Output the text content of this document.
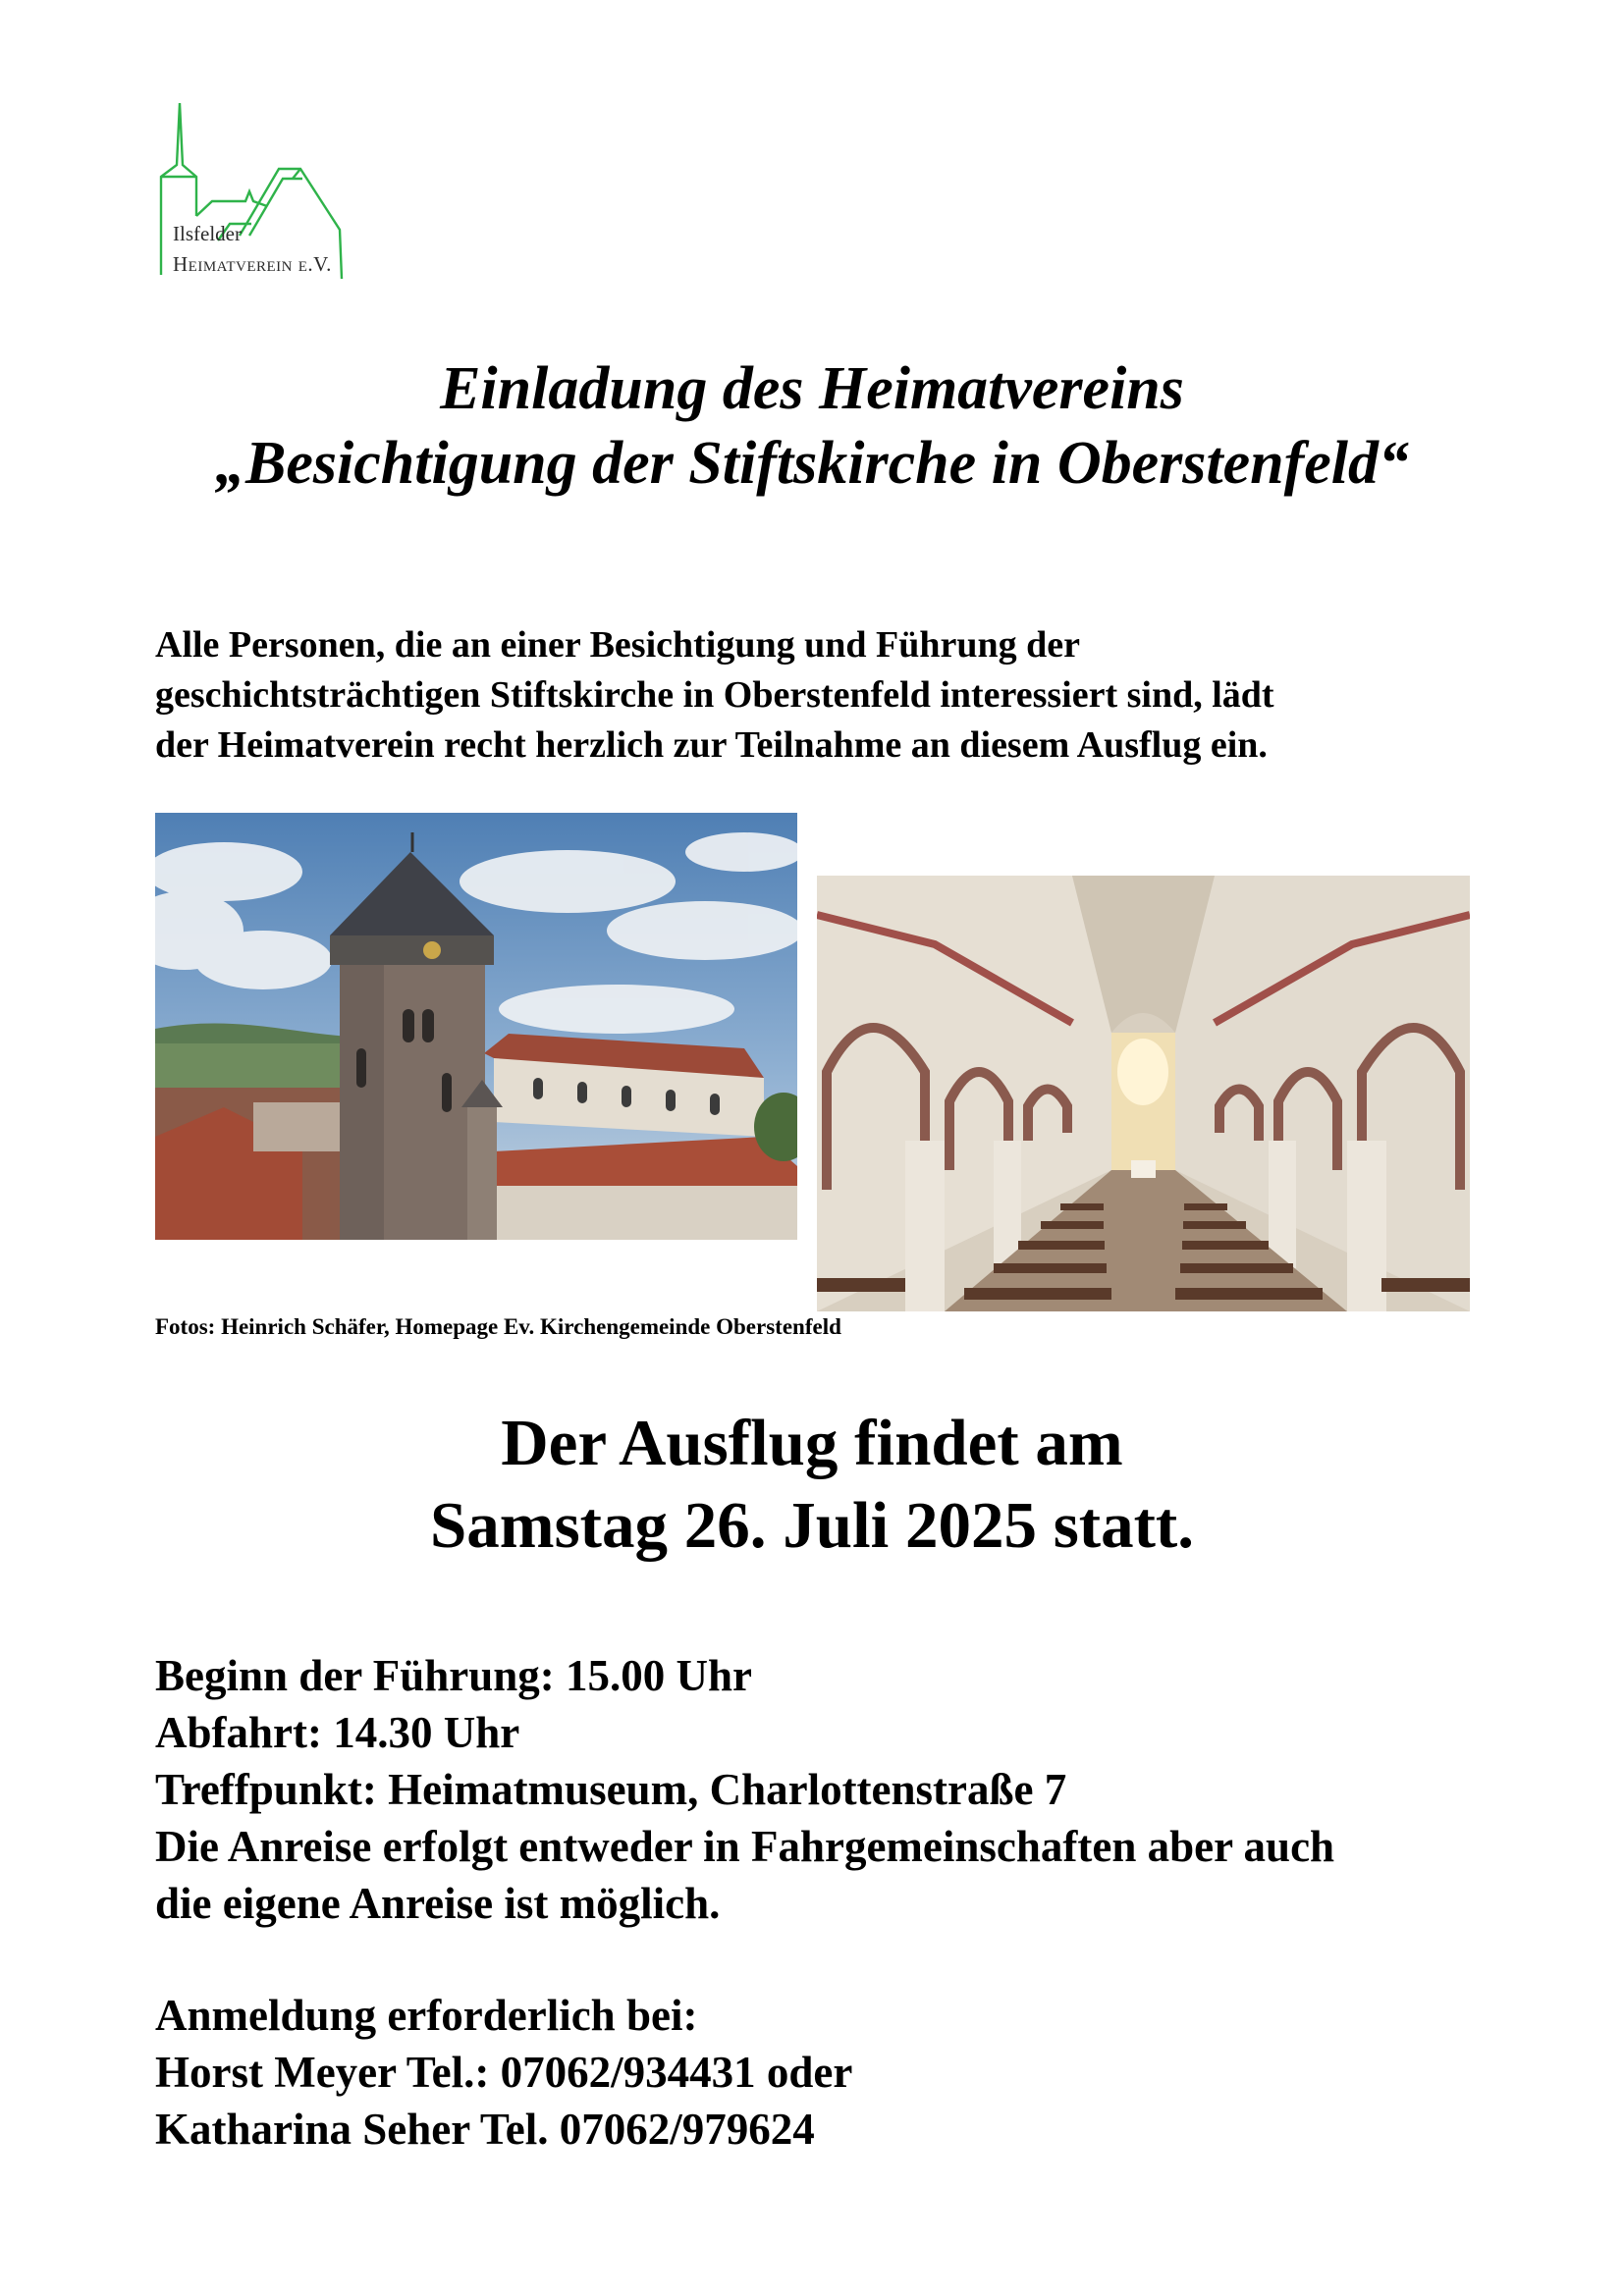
Ilsfelder
Heimatverein e.V.
Einladung des Heimatvereins
„Besichtigung der Stiftskirche in Oberstenfeld“
Alle Personen, die an einer Besichtigung und Führung der
geschichtsträchtigen Stiftskirche in Oberstenfeld interessiert sind, lädt
der Heimatverein recht herzlich zur Teilnahme an diesem Ausflug ein.
Fotos: Heinrich Schäfer, Homepage Ev. Kirchengemeinde Oberstenfeld
Der Ausflug findet am
Samstag 26. Juli 2025 statt.
Beginn der Führung: 15.00 Uhr
Abfahrt: 14.30 Uhr
Treffpunkt: Heimatmuseum, Charlottenstraße 7
Die Anreise erfolgt entweder in Fahrgemeinschaften aber auch
die eigene Anreise ist möglich.
Anmeldung erforderlich bei:
Horst Meyer Tel.: 07062/934431 oder
Katharina Seher Tel. 07062/979624
